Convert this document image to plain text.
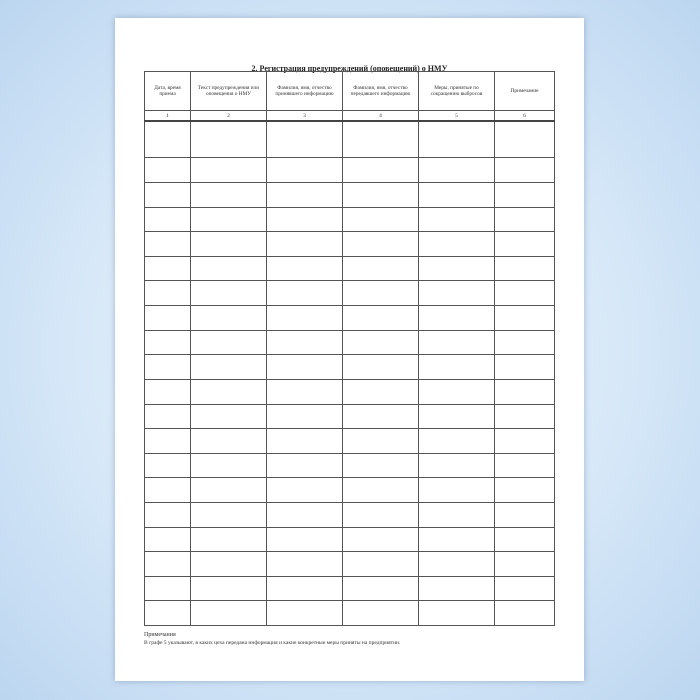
2. Регистрация предупреждений (оповещений) о НМУ
Дата, время приема	Текст предупреждения или оповещения о НМУ	Фамилия, имя, отчество принявшего информацию	Фамилия, имя, отчество передавшего информацию	Меры, принятые по сокращению выбросов	Примечание
1	2	3	4	5	6

Примечания
В графе 5 указывают, в каких цеха передана информация и какие конкретные меры приняты на предприятии.
